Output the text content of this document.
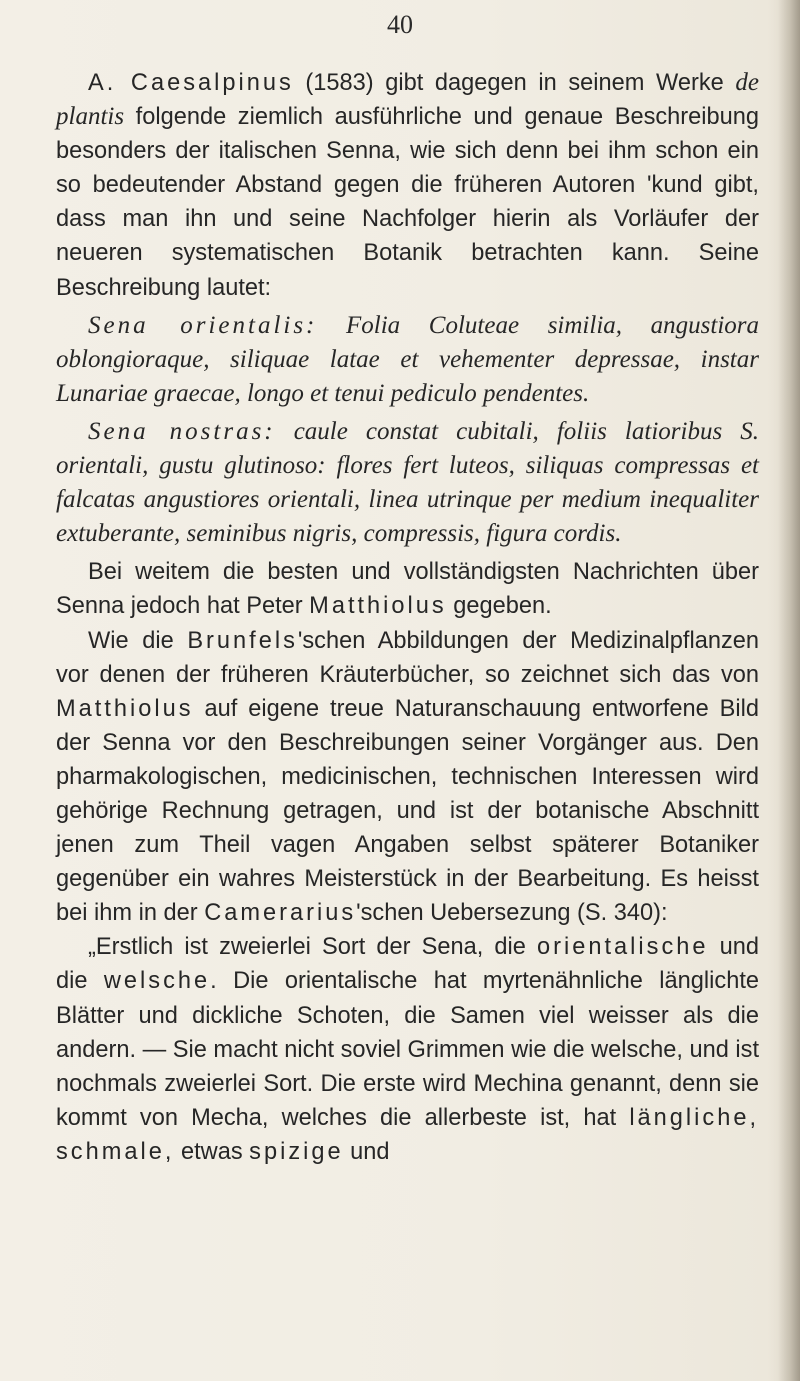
40

A. Caesalpinus (1583) gibt dagegen in seinem Werke de plantis folgende ziemlich ausführliche und genaue Beschreibung besonders der italischen Senna, wie sich denn bei ihm schon ein so bedeutender Abstand gegen die früheren Autoren 'kund gibt, dass man ihn und seine Nachfolger hierin als Vorläufer der neueren systematischen Botanik betrachten kann. Seine Beschreibung lautet:

Sena orientalis: Folia Coluteae similia, angustiora oblongioraque, siliquae latae et vehementer depressae, instar Lunariae graecae, longo et tenui pediculo pendentes.

Sena nostras: caule constat cubitali, foliis latioribus S. orientali, gustu glutinoso: flores fert luteos, siliquas compressas et falcatas angustiores orientali, linea utrinque per medium inequaliter extuberante, seminibus nigris, compressis, figura cordis.

Bei weitem die besten und vollständigsten Nachrichten über Senna jedoch hat Peter Matthiolus gegeben.

Wie die Brunfels'schen Abbildungen der Medizinalpflanzen vor denen der früheren Kräuterbücher, so zeichnet sich das von Matthiolus auf eigene treue Naturanschauung entworfene Bild der Senna vor den Beschreibungen seiner Vorgänger aus. Den pharmakologischen, medicinischen, technischen Interessen wird gehörige Rechnung getragen, und ist der botanische Abschnitt jenen zum Theil vagen Angaben selbst späterer Botaniker gegenüber ein wahres Meisterstück in der Bearbeitung. Es heisst bei ihm in der Camerarius'schen Uebersezung (S. 340):

„Erstlich ist zweierlei Sort der Sena, die orientalische und die welsche. Die orientalische hat myrtenähnliche länglichte Blätter und dickliche Schoten, die Samen viel weisser als die andern. — Sie macht nicht soviel Grimmen wie die welsche, und ist nochmals zweierlei Sort. Die erste wird Mechina genannt, denn sie kommt von Mecha, welches die allerbeste ist, hat längliche, schmale, etwas spizige und
